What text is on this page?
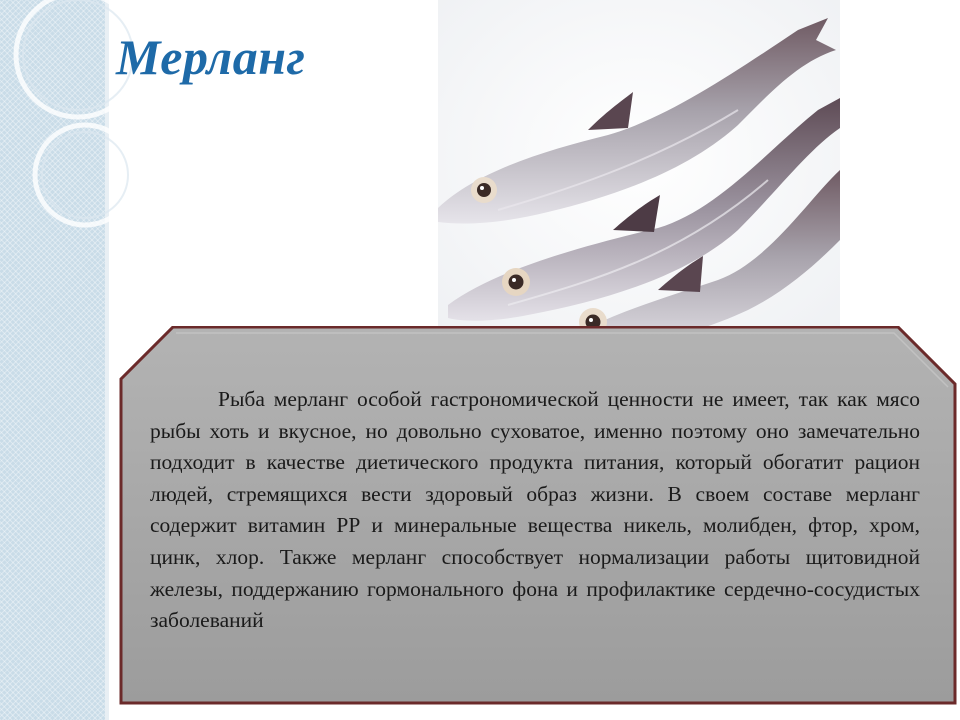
Мерланг

Рыба мерланг особой гастрономической ценности не имеет, так как мясо рыбы хоть и вкусное, но довольно суховатое, именно поэтому оно замечательно подходит в качестве диетического продукта питания, который обогатит рацион людей, стремящихся вести здоровый образ жизни. В своем составе мерланг содержит витамин РР и минеральные вещества никель, молибден, фтор, хром, цинк, хлор. Также мерланг способствует нормализации работы щитовидной железы, поддержанию гормонального фона и профилактике сердечно-сосудистых заболеваний
